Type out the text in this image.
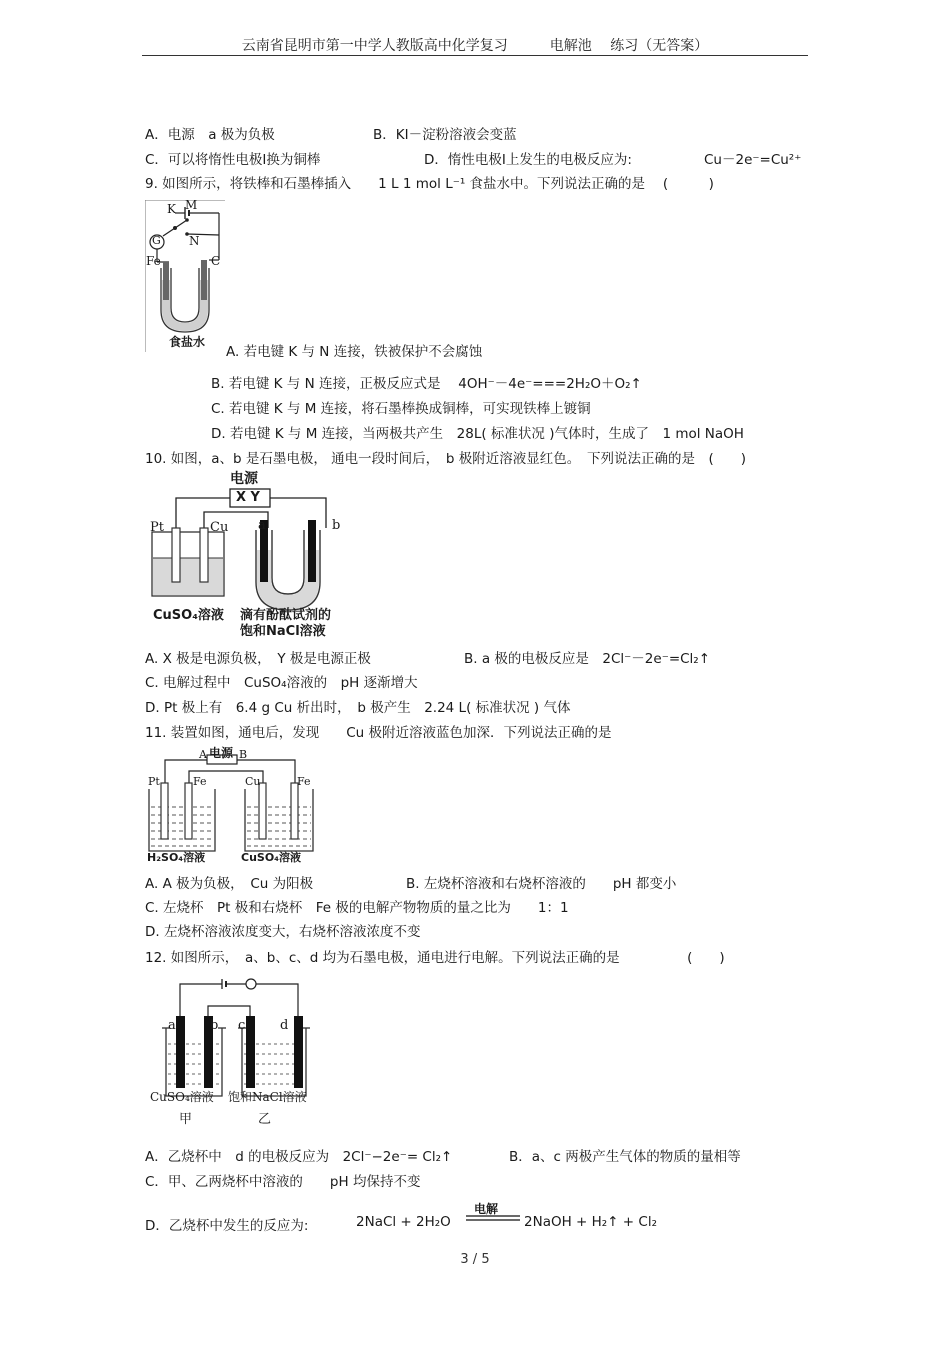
云南省昆明市第一中学人教版高中化学复习　　　电解池　 练习（无答案）
A．电源　a 极为负极	B．KI－淀粉溶液会变蓝
C．可以将惰性电极Ⅰ换为铜棒	D．惰性电极Ⅰ上发生的电极反应为:	Cu－2e⁻=Cu²⁺
9. 如图所示，将铁棒和石墨棒插入　　1 L 1 mol L⁻¹ 食盐水中。下列说法正确的是　 (　　　)
K M
N
G
Fe	C
食盐水
A. 若电键 K 与 N 连接，铁被保护不会腐蚀
B. 若电键 K 与 N 连接，正极反应式是　 4OH⁻－4e⁻===2H₂O＋O₂↑
C. 若电键 K 与 M 连接，将石墨棒换成铜棒，可实现铁棒上镀铜
D. 若电键 K 与 M 连接，当两极共产生　28L( 标准状况 )气体时，生成了　1 mol NaOH
10. 如图，a、b 是石墨电极， 通电一段时间后，　b 极附近溶液显红色。　下列说法正确的是　(　　)
电源
X Y
Pt	Cu a	b
CuSO₄溶液 滴有酚酞试剂的
饱和NaCl溶液
A. X 极是电源负极，　Y 极是电源正极	B. a 极的电极反应是　2Cl⁻－2e⁻=Cl₂↑
C. 电解过程中　CuSO₄溶液的　pH 逐渐增大
D. Pt 极上有　6.4 g Cu 析出时，　b 极产生　2.24 L( 标准状况 ) 气体
11. 装置如图，通电后，发现　　Cu 极附近溶液蓝色加深．下列说法正确的是
A 电源 B
Pt	Fe	Cu	Fe
H₂SO₄溶液	CuSO₄溶液
A. A 极为负极，　Cu 为阳极	B. 左烧杯溶液和右烧杯溶液的　　pH 都变小
C. 左烧杯　Pt 极和右烧杯　Fe 极的电解产物物质的量之比为　　1：1
D. 左烧杯溶液浓度变大，右烧杯溶液浓度不变
12. 如图所示，　a、b、c、d 均为石墨电极，通电进行电解。下列说法正确的是　　　　　(　　)
a	b c	d
CuSO₄溶液 饱和NaCl溶液
甲	乙
A．乙烧杯中　d 的电极反应为　2Cl⁻−2e⁻= Cl₂↑	B．a、c 两极产生气体的物质的量相等
C．甲、乙两烧杯中溶液的　　pH 均保持不变
D．乙烧杯中发生的反应为:	2NaCl + 2H₂O
电解
2NaOH + H₂↑ + Cl₂
3 / 5
